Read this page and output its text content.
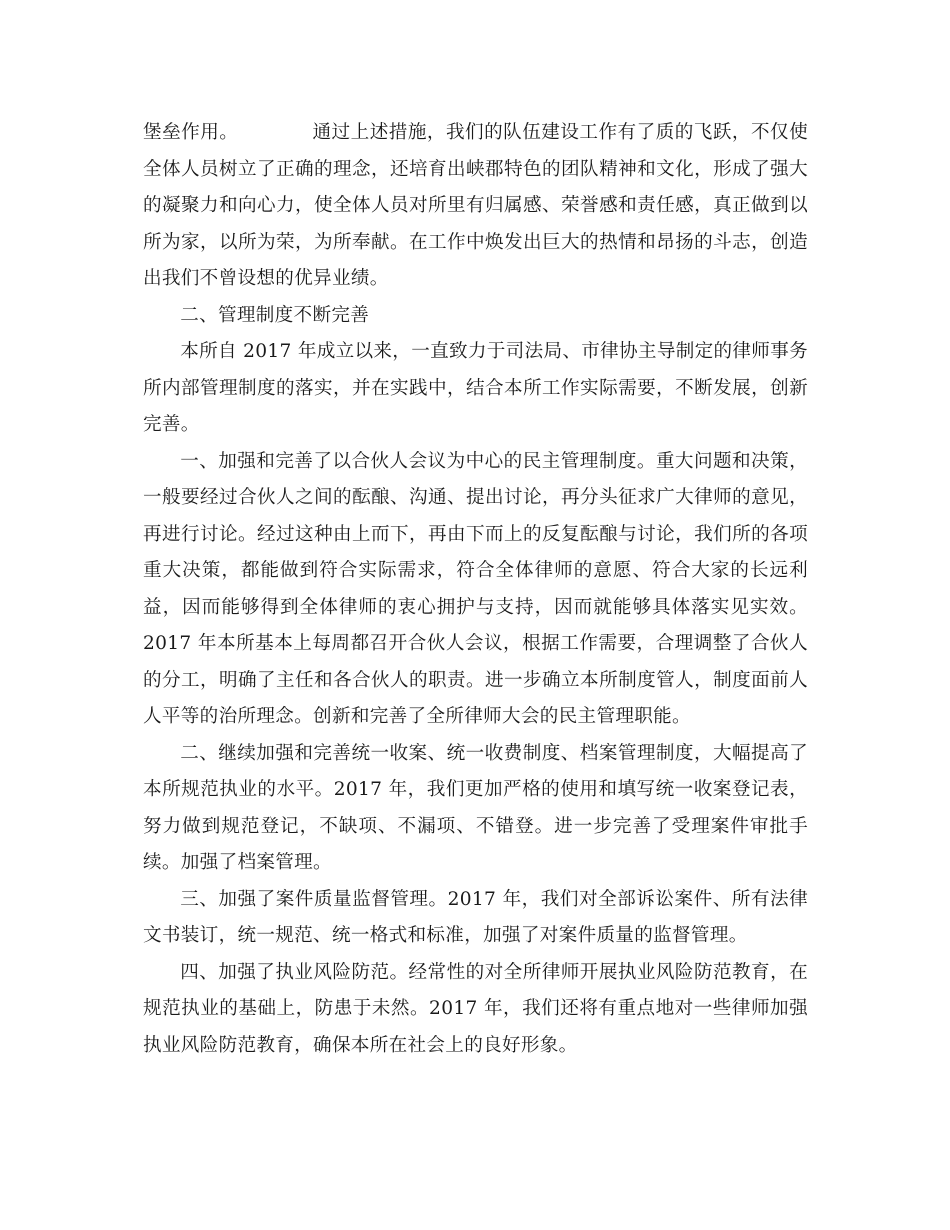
堡垒作用。	通过上述措施，我们的队伍建设工作有了质的飞跃，不仅使全体人员树立了正确的理念，还培育出峡郡特色的团队精神和文化，形成了强大的凝聚力和向心力，使全体人员对所里有归属感、荣誉感和责任感，真正做到以所为家，以所为荣，为所奉献。在工作中焕发出巨大的热情和昂扬的斗志，创造出我们不曾设想的优异业绩。

二、管理制度不断完善

本所自 2017 年成立以来，一直致力于司法局、市律协主导制定的律师事务所内部管理制度的落实，并在实践中，结合本所工作实际需要，不断发展，创新完善。

一、加强和完善了以合伙人会议为中心的民主管理制度。重大问题和决策，一般要经过合伙人之间的酝酿、沟通、提出讨论，再分头征求广大律师的意见，再进行讨论。经过这种由上而下，再由下而上的反复酝酿与讨论，我们所的各项重大决策，都能做到符合实际需求，符合全体律师的意愿、符合大家的长远利益，因而能够得到全体律师的衷心拥护与支持，因而就能够具体落实见实效。2017 年本所基本上每周都召开合伙人会议，根据工作需要，合理调整了合伙人的分工，明确了主任和各合伙人的职责。进一步确立本所制度管人，制度面前人人平等的治所理念。创新和完善了全所律师大会的民主管理职能。

二、继续加强和完善统一收案、统一收费制度、档案管理制度，大幅提高了本所规范执业的水平。2017 年，我们更加严格的使用和填写统一收案登记表，努力做到规范登记，不缺项、不漏项、不错登。进一步完善了受理案件审批手续。加强了档案管理。

三、加强了案件质量监督管理。2017 年，我们对全部诉讼案件、所有法律文书装订，统一规范、统一格式和标准，加强了对案件质量的监督管理。

四、加强了执业风险防范。经常性的对全所律师开展执业风险防范教育，在规范执业的基础上，防患于未然。2017 年，我们还将有重点地对一些律师加强执业风险防范教育，确保本所在社会上的良好形象。
